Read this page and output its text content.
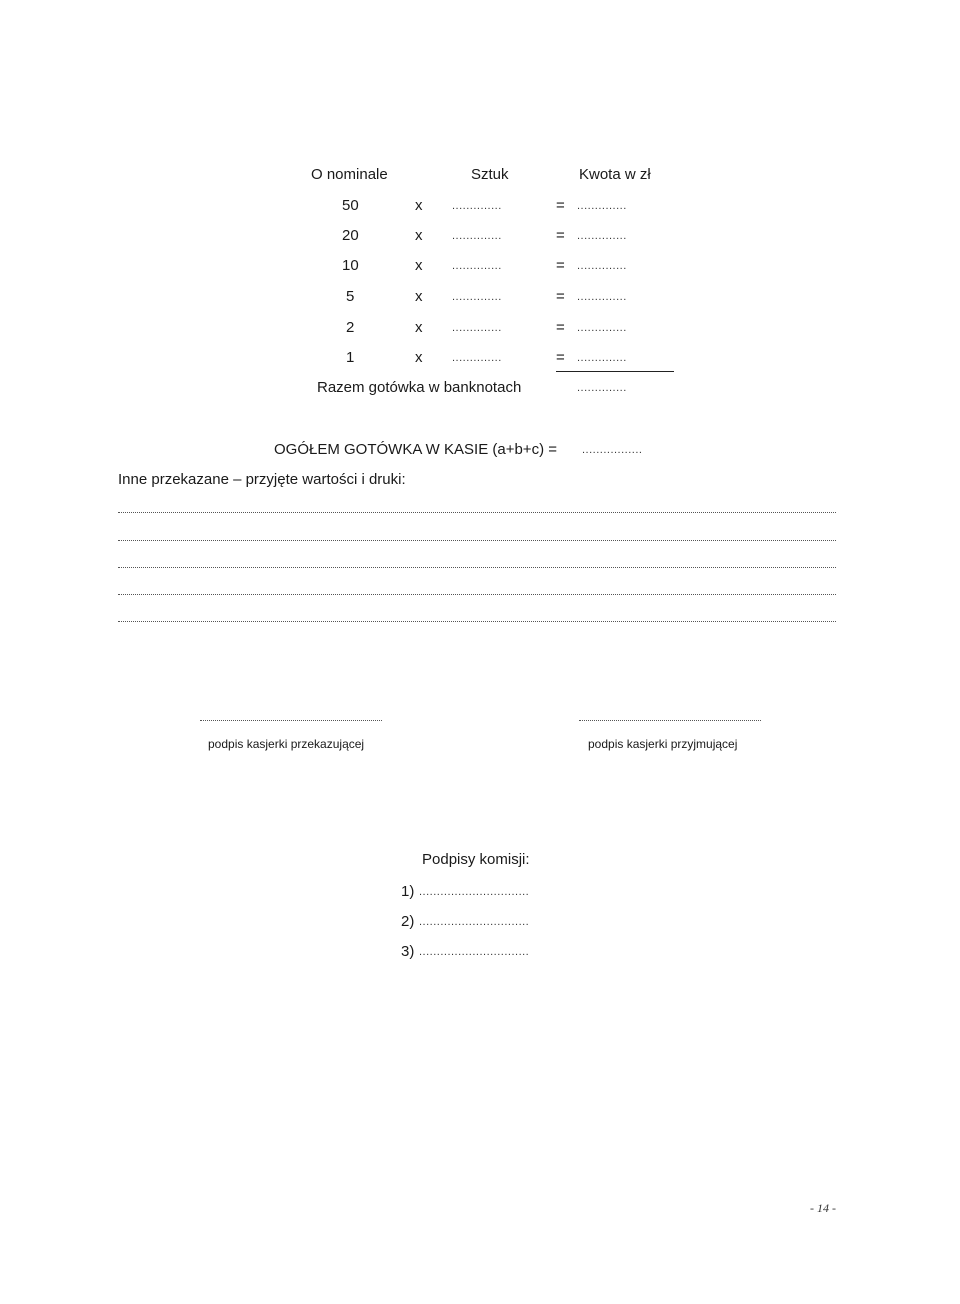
O nominale	Sztuk	Kwota w zł
50	x	..............	= ..............
20	x	..............	= ..............
10	x	..............	= ..............
5	x	..............	= ..............
2	x	..............	= ..............
1	x	..............	= ..............
Razem gotówka w banknotach	..............
OGÓŁEM GOTÓWKA W KASIE (a+b+c) = .................
Inne przekazane – przyjęte wartości i druki:
podpis kasjerki przekazującej	podpis kasjerki przyjmującej
Podpisy komisji:
1) ...............................
2) ...............................
3) ...............................
- 14 -
